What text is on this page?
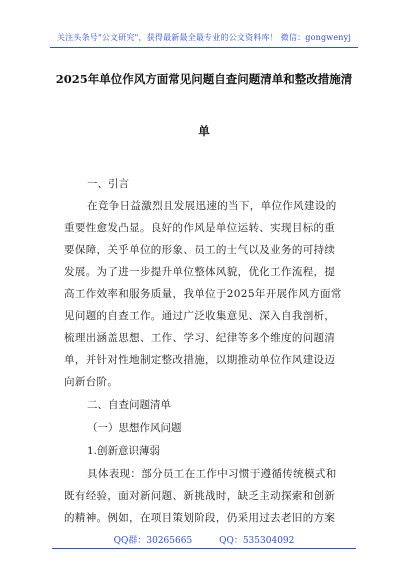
关注头条号"公文研究"，获得最新最全最专业的公文资料库！ 微信：gongwenyj
2025年单位作风方面常见问题自查问题清单和整改措施清
单
一、引言
在竞争日益激烈且发展迅速的当下，单位作风建设的
重要性愈发凸显。良好的作风是单位运转、实现目标的重
要保障，关乎单位的形象、员工的士气以及业务的可持续
发展。为了进一步提升单位整体风貌，优化工作流程，提
高工作效率和服务质量，我单位于2025年开展作风方面常
见问题的自查工作。通过广泛收集意见、深入自我剖析，
梳理出涵盖思想、工作、学习、纪律等多个维度的问题清
单，并针对性地制定整改措施，以期推动单位作风建设迈
向新台阶。
二、自查问题清单
（一）思想作风问题
1.创新意识薄弱
具体表现：部分员工在工作中习惯于遵循传统模式和
既有经验，面对新问题、新挑战时，缺乏主动探索和创新
的精神。例如，在项目策划阶段，仍采用过去老旧的方案
QQ群：30265665	QQ：535304092
